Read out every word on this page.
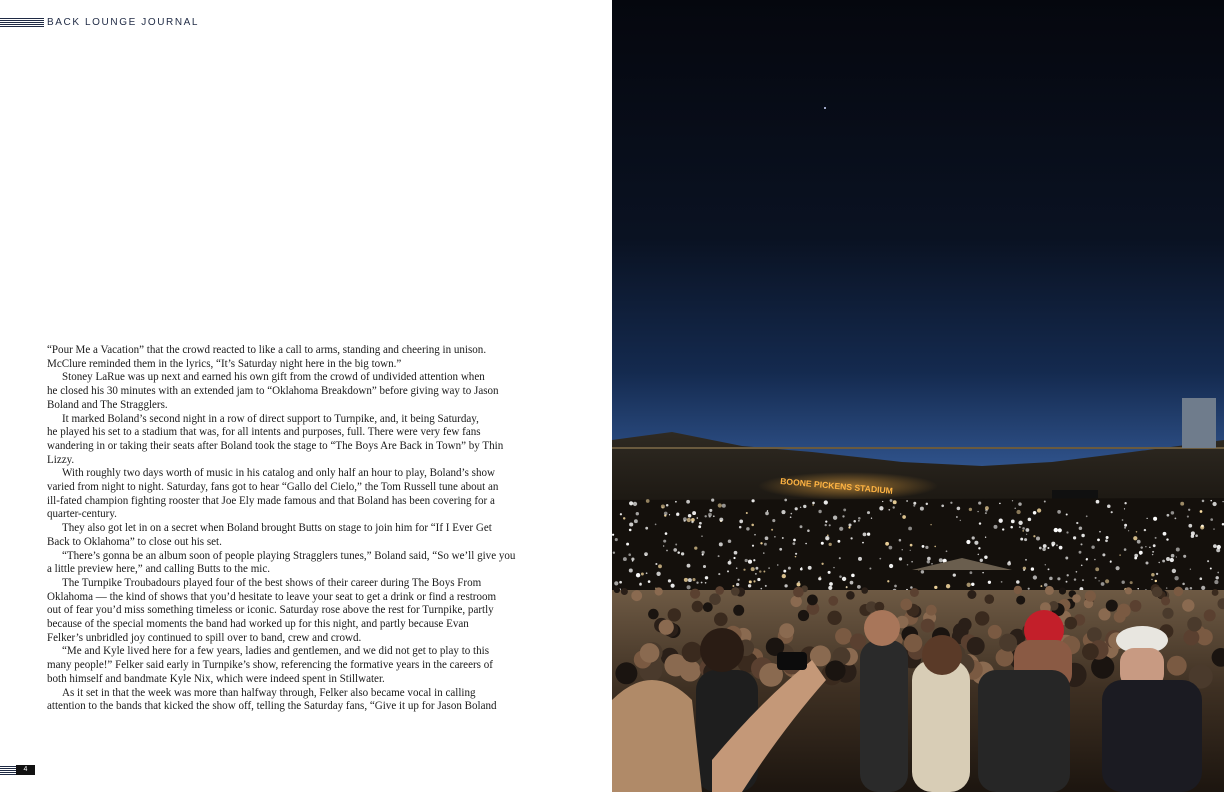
BACK LOUNGE JOURNAL

“Pour Me a Vacation” that the crowd reacted to like a call to arms, standing and cheering in unison.

McClure reminded them in the lyrics, “It’s Saturday night here in the big town.”

Stoney LaRue was up next and earned his own gift from the crowd of undivided attention when

he closed his 30 minutes with an extended jam to “Oklahoma Breakdown” before giving way to Jason

Boland and The Stragglers.

It marked Boland’s second night in a row of direct support to Turnpike, and, it being Saturday,

he played his set to a stadium that was, for all intents and purposes, full. There were very few fans

wandering in or taking their seats after Boland took the stage to “The Boys Are Back in Town” by Thin

Lizzy.

With roughly two days worth of music in his catalog and only half an hour to play, Boland’s show

varied from night to night. Saturday, fans got to hear “Gallo del Cielo,” the Tom Russell tune about an

ill-fated champion fighting rooster that Joe Ely made famous and that Boland has been covering for a

quarter-century.

They also got let in on a secret when Boland brought Butts on stage to join him for “If I Ever Get

Back to Oklahoma” to close out his set.

“There’s gonna be an album soon of people playing Stragglers tunes,” Boland said, “So we’ll give you

a little preview here,” and calling Butts to the mic.

The Turnpike Troubadours played four of the best shows of their career during The Boys From

Oklahoma — the kind of shows that you’d hesitate to leave your seat to get a drink or find a restroom

out of fear you’d miss something timeless or iconic. Saturday rose above the rest for Turnpike, partly

because of the special moments the band had worked up for this night, and partly because Evan

Felker’s unbridled joy continued to spill over to band, crew and crowd.

“Me and Kyle lived here for a few years, ladies and gentlemen, and we did not get to play to this

many people!” Felker said early in Turnpike’s show, referencing the formative years in the careers of

both himself and bandmate Kyle Nix, which were indeed spent in Stillwater.

As it set in that the week was more than halfway through, Felker also became vocal in calling

attention to the bands that kicked the show off, telling the Saturday fans, “Give it up for Jason Boland

4
BOONE PICKENS STADIUM
